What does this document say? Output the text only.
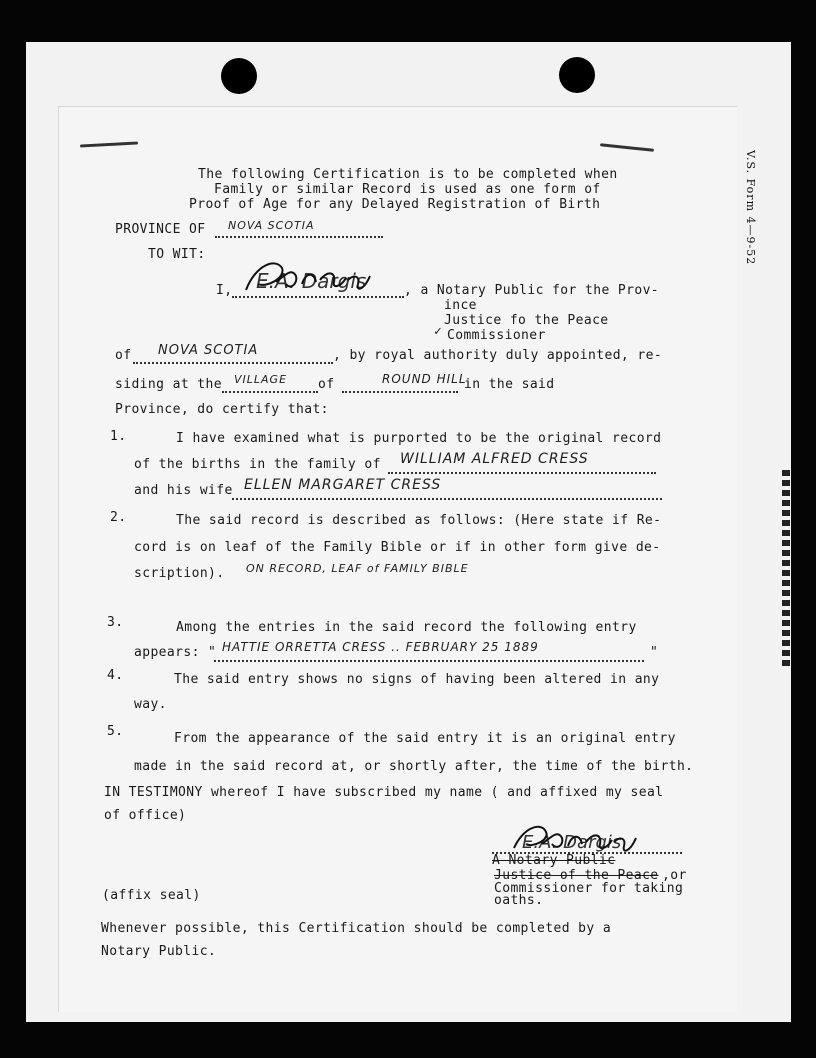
V.S. Form 4—9-52
The following Certification is to be completed when
Family or similar Record is used as one form of
Proof of Age for any Delayed Registration of Birth
PROVINCE OF NOVA SCOTIA
TO WIT:
I, E.A. Dargis	, a Notary Public for the Prov-
ince
Justice fo the Peace
Commissioner
✓
of NOVA SCOTIA	, by royal authority duly appointed, re-
siding at the VILLAGE of	ROUND HILL
in the said
Province, do certify that:
1.	I have examined what is purported to be the original record
of the births in the family of WILLIAM ALFRED CRESS
and his wife ELLEN MARGARET CRESS
2.	The said record is described as follows: (Here state if Re-
cord is on leaf of the Family Bible or if in other form give de-
scription). ON RECORD, LEAF of FAMILY BIBLE
3.	Among the entries in the said record the following entry
appears: " HATTIE ORRETTA CRESS .. FEBRUARY 25 1889	"
4.	The said entry shows no signs of having been altered in any
way.
5.	From the appearance of the said entry it is an original entry
made in the said record at, or shortly after, the time of the birth.
IN TESTIMONY whereof I have subscribed my name ( and affixed my seal
of office)
E.A. Dargis
A Notary Public
Justice of the Peace ,or
Commissioner for taking
oaths.
(affix seal)
Whenever possible, this Certification should be completed by a
Notary Public.
